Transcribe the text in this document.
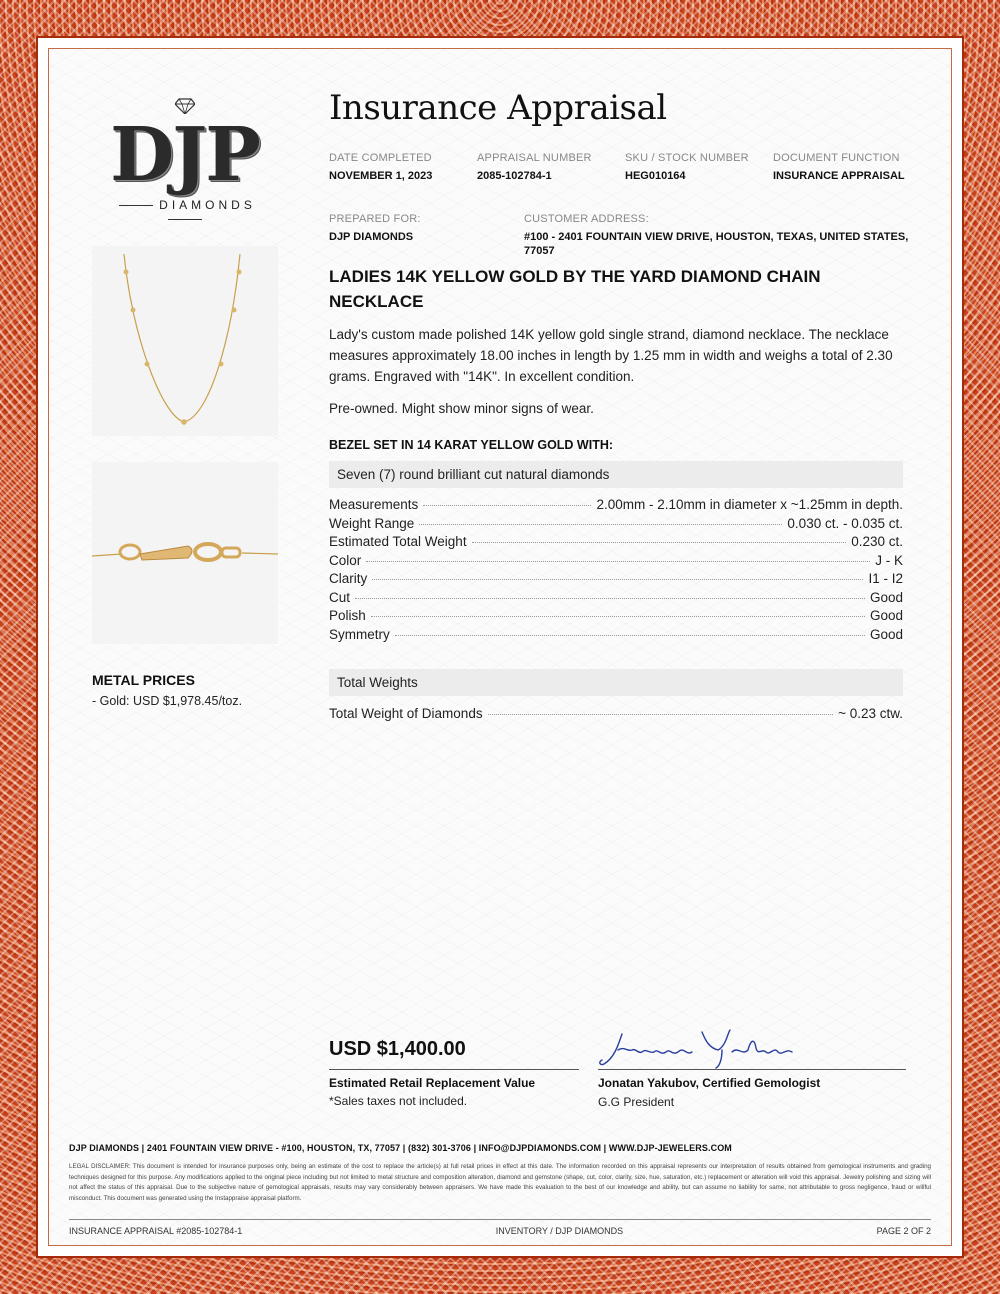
DJP
DIAMONDS
METAL PRICES
- Gold: USD $1,978.45/toz.
Insurance Appraisal
DATE COMPLETED
NOVEMBER 1, 2023
APPRAISAL NUMBER
2085-102784-1
SKU / STOCK NUMBER
HEG010164
DOCUMENT FUNCTION
INSURANCE APPRAISAL
PREPARED FOR:
DJP DIAMONDS
CUSTOMER ADDRESS:
#100 - 2401 FOUNTAIN VIEW DRIVE, HOUSTON, TEXAS, UNITED STATES,
77057
LADIES 14K YELLOW GOLD BY THE YARD DIAMOND CHAIN NECKLACE
Lady's custom made polished 14K yellow gold single strand, diamond necklace. The necklace measures approximately 18.00 inches in length by 1.25 mm in width and weighs a total of 2.30 grams. Engraved with "14K". In excellent condition.
Pre-owned. Might show minor signs of wear.
BEZEL SET IN 14 KARAT YELLOW GOLD WITH:
Seven (7) round brilliant cut natural diamonds
Measurements	2.00mm - 2.10mm in diameter x ~1.25mm in depth.
Weight Range	0.030 ct. - 0.035 ct.
Estimated Total Weight	0.230 ct.
Color	J - K
Clarity	I1 - I2
Cut	Good
Polish	Good
Symmetry	Good
Total Weights
Total Weight of Diamonds	~ 0.23 ctw.
USD $1,400.00
Estimated Retail Replacement Value
*Sales taxes not included.
Jonatan Yakubov, Certified Gemologist
G.G President
DJP DIAMONDS | 2401 FOUNTAIN VIEW DRIVE - #100, HOUSTON, TX, 77057 | (832) 301-3706 | INFO@DJPDIAMONDS.COM | WWW.DJP-JEWELERS.COM
LEGAL DISCLAIMER: This document is intended for insurance purposes only, being an estimate of the cost to replace the article(s) at full retail prices in effect at this date. The information recorded on this appraisal represents our interpretation of results obtained from gemological instruments and grading techniques designed for this purpose. Any modifications applied to the original piece including but not limited to metal structure and composition alteration, diamond and gemstone (shape, cut, color, clarity, size, hue, saturation, etc.) replacement or alteration will void this appraisal. Jewelry polishing and sizing will not affect the status of this appraisal. Due to the subjective nature of gemological appraisals, results may vary considerably between appraisers. We have made this evaluation to the best of our knowledge and ability, but can assume no liability for same, not attributable to gross negligence, fraud or willful misconduct. This document was generated using the Instappraise appraisal platform.
INSURANCE APPRAISAL #2085-102784-1	INVENTORY / DJP DIAMONDS	PAGE 2 OF 2
